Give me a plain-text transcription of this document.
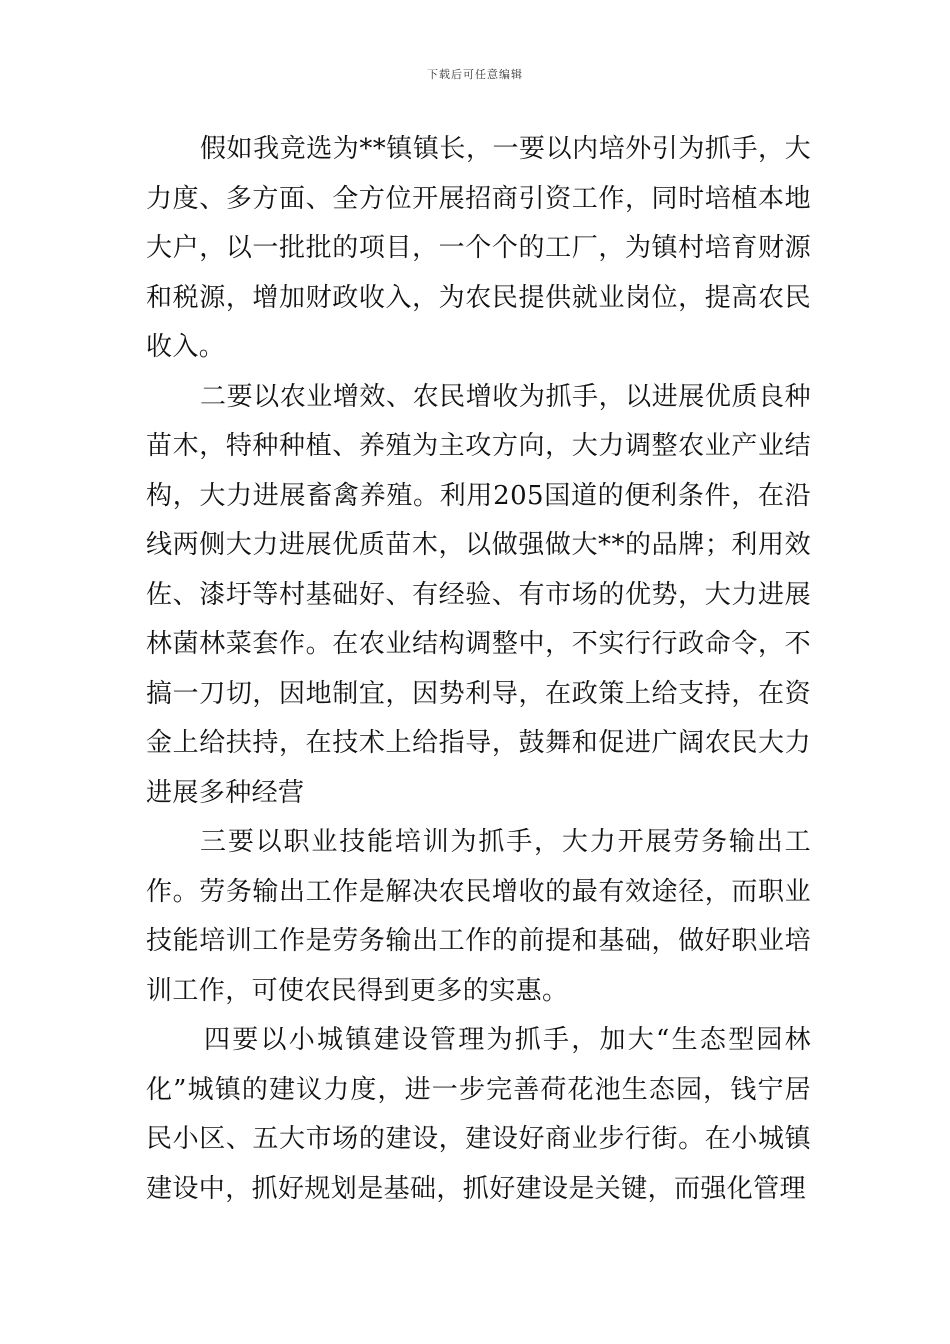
下载后可任意编辑

假如我竞选为**镇镇长，一要以内培外引为抓手，大力度、多方面、全方位开展招商引资工作，同时培植本地大户，以一批批的项目，一个个的工厂，为镇村培育财源和税源，增加财政收入，为农民提供就业岗位，提高农民收入。

二要以农业增效、农民增收为抓手，以进展优质良种苗木，特种种植、养殖为主攻方向，大力调整农业产业结构，大力进展畜禽养殖。利用205国道的便利条件，在沿线两侧大力进展优质苗木，以做强做大**的品牌；利用效佐、漆圩等村基础好、有经验、有市场的优势，大力进展林菌林菜套作。在农业结构调整中，不实行行政命令，不搞一刀切，因地制宜，因势利导，在政策上给支持，在资金上给扶持，在技术上给指导，鼓舞和促进广阔农民大力进展多种经营

三要以职业技能培训为抓手，大力开展劳务输出工作。劳务输出工作是解决农民增收的最有效途径，而职业技能培训工作是劳务输出工作的前提和基础，做好职业培训工作，可使农民得到更多的实惠。

四要以小城镇建设管理为抓手，加大“生态型园林化”城镇的建议力度，进一步完善荷花池生态园，钱宁居民小区、五大市场的建设，建设好商业步行街。在小城镇建设中，抓好规划是基础，抓好建设是关键，而强化管理
